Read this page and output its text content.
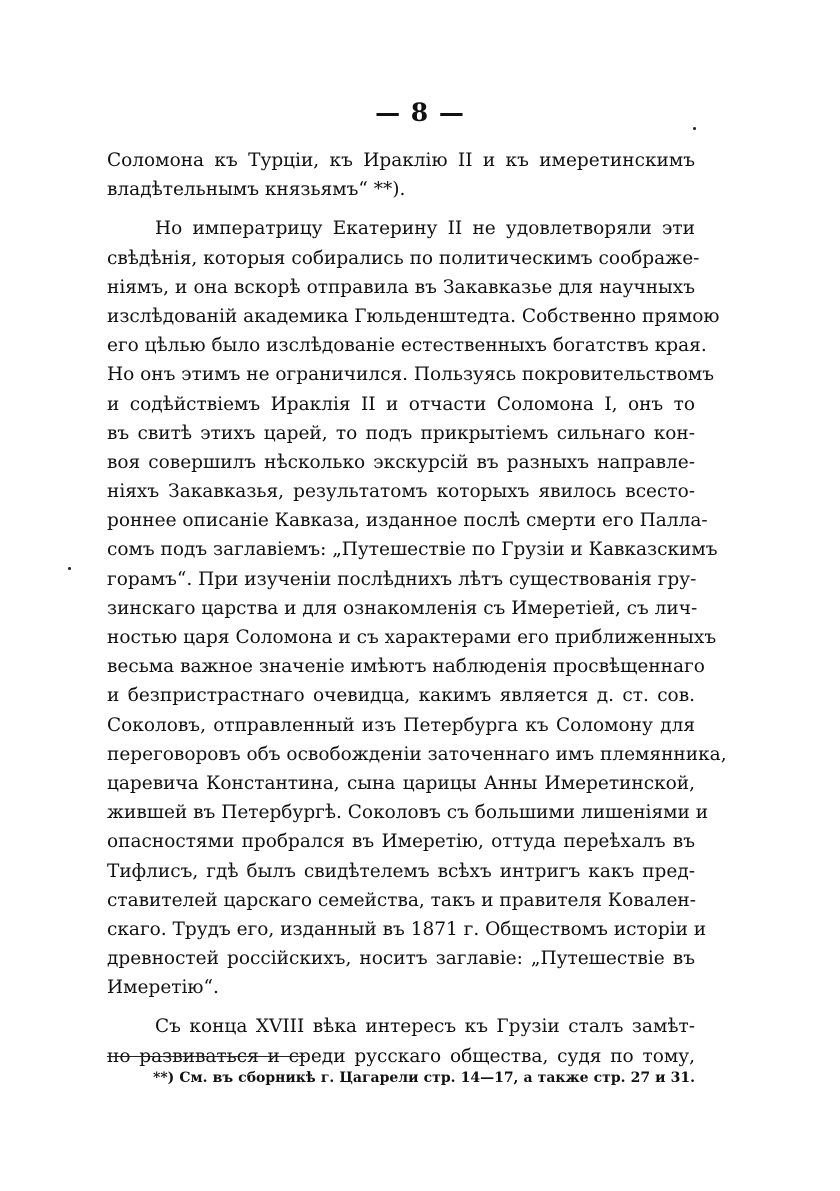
— 8 —
Соломона къ Турціи, къ Ираклію II и къ имеретинскимъ
владѣтельнымъ князьямъ“ **).
Но императрицу Екатерину II не удовлетворяли эти
свѣдѣнія, которыя собирались по политическимъ соображе-
ніямъ, и она вскорѣ отправила въ Закавказье для научныхъ
изслѣдованій академика Гюльденштедта. Собственно прямою
его цѣлью было изслѣдованіе естественныхъ богатствъ края.
Но онъ этимъ не ограничился. Пользуясь покровительствомъ
и содѣйствіемъ Ираклія II и отчасти Соломона I, онъ то
въ свитѣ этихъ царей, то подъ прикрытіемъ сильнаго кон-
воя совершилъ нѣсколько экскурсій въ разныхъ направле-
ніяхъ Закавказья, результатомъ которыхъ явилось всесто-
роннее описаніе Кавказа, изданное послѣ смерти его Палла-
сомъ подъ заглавіемъ: „Путешествіе по Грузіи и Кавказскимъ
горамъ“. При изученіи послѣднихъ лѣтъ существованія гру-
зинскаго царства и для ознакомленія съ Имеретіей, съ лич-
ностью царя Соломона и съ характерами его приближенныхъ
весьма важное значеніе имѣютъ наблюденія просвѣщеннаго
и безпристрастнаго очевидца, какимъ является д. ст. сов.
Соколовъ, отправленный изъ Петербурга къ Соломону для
переговоровъ объ освобожденіи заточеннаго имъ племянника,
царевича Константина, сына царицы Анны Имеретинской,
жившей въ Петербургѣ. Соколовъ съ большими лишеніями и
опасностями пробрался въ Имеретію, оттуда переѣхалъ въ
Тифлисъ, гдѣ былъ свидѣтелемъ всѣхъ интригъ какъ пред-
ставителей царскаго семейства, такъ и правителя Ковален-
скаго. Трудъ его, изданный въ 1871 г. Обществомъ исторіи и
древностей россійскихъ, носитъ заглавіе: „Путешествіе въ
Имеретію“.
Съ конца XVIII вѣка интересъ къ Грузіи сталъ замѣт-
но развиваться и среди русскаго общества, судя по тому,
**) См. въ сборникѣ г. Цагарели стр. 14—17, а также стр. 27 и 31.
